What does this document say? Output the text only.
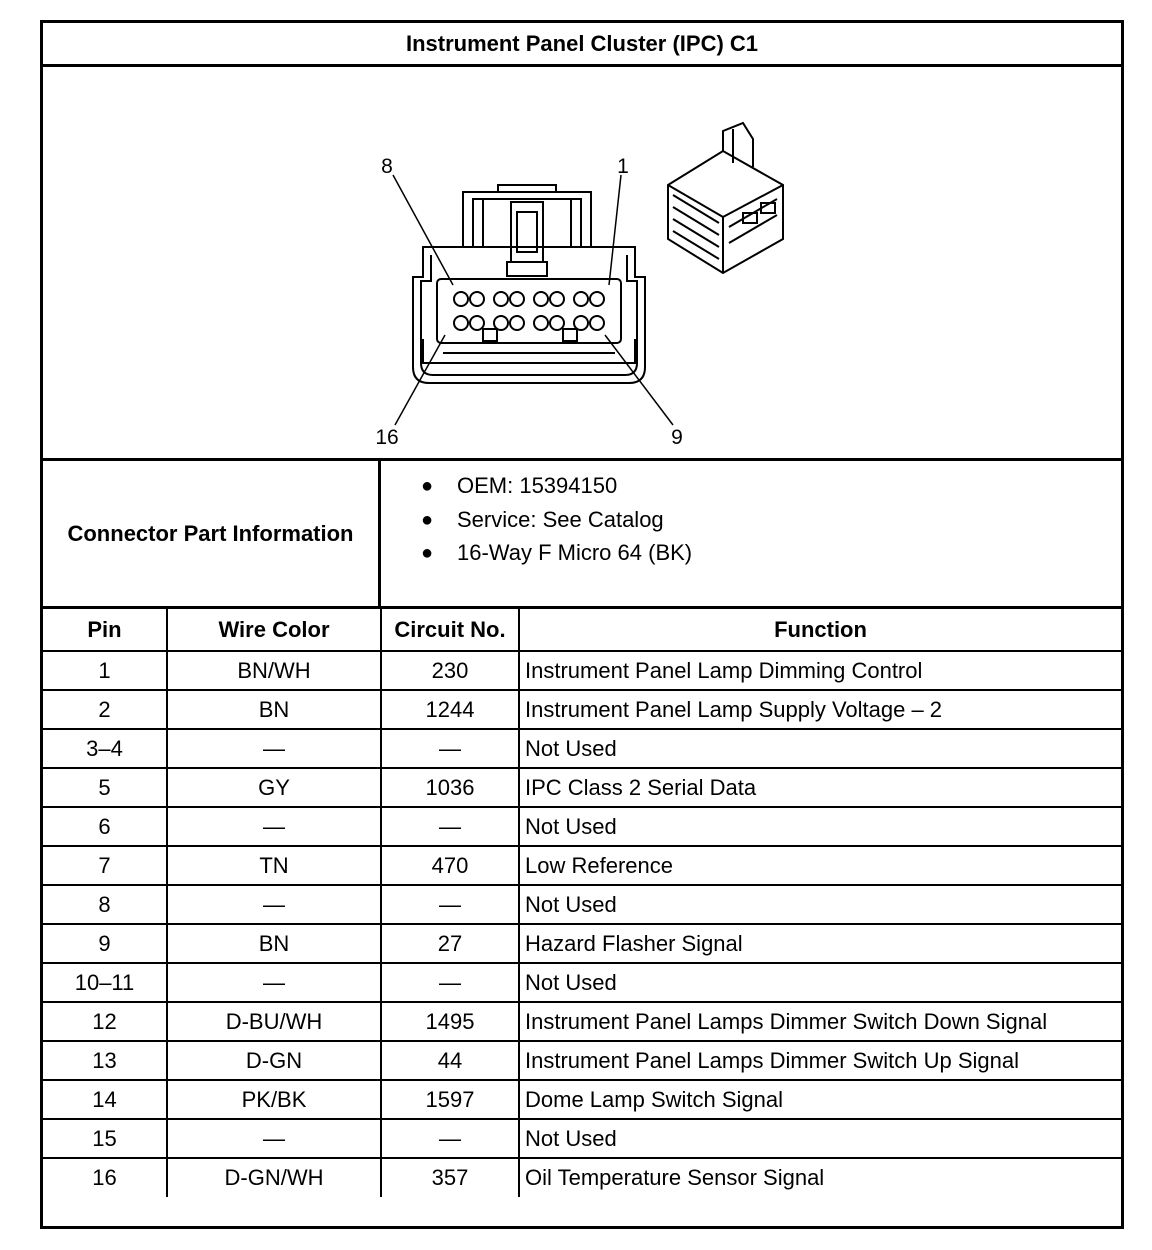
Instrument Panel Cluster (IPC) C1
8	1
16	9
Connector Part Information
●	OEM: 15394150
●	Service: See Catalog
●	16-Way F Micro 64 (BK)
Pin	Wire Color	Circuit No.	Function
1	BN/WH	230	Instrument Panel Lamp Dimming Control
2	BN	1244	Instrument Panel Lamp Supply Voltage – 2
3–4	—	—	Not Used
5	GY	1036	IPC Class 2 Serial Data
6	—	—	Not Used
7	TN	470	Low Reference
8	—	—	Not Used
9	BN	27	Hazard Flasher Signal
10–11	—	—	Not Used
12	D-BU/WH	1495	Instrument Panel Lamps Dimmer Switch Down Signal
13	D-GN	44	Instrument Panel Lamps Dimmer Switch Up Signal
14	PK/BK	1597	Dome Lamp Switch Signal
15	—	—	Not Used
16	D-GN/WH	357	Oil Temperature Sensor Signal
